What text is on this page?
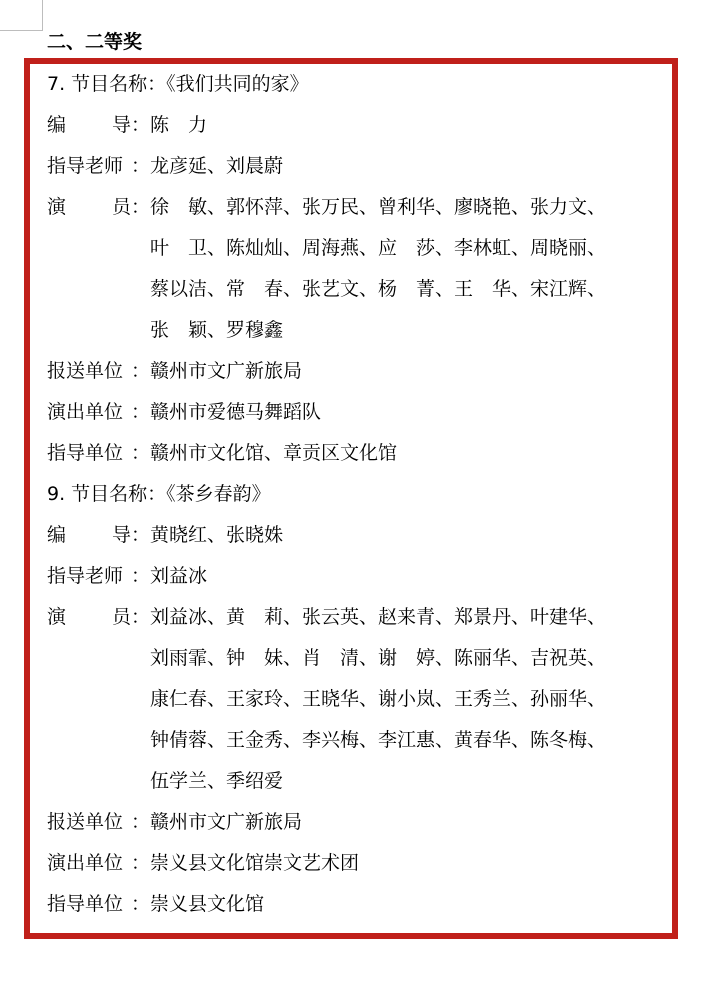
二、二等奖
7. 节目名称：《我们共同的家》
编 导 ： 陈　力
指导老师 ： 龙彦延、刘晨蔚
演 员 ： 徐　敏、郭怀萍、张万民、曾利华、廖晓艳、张力文、
叶　卫、陈灿灿、周海燕、应　莎、李林虹、周晓丽、
蔡以洁、常　春、张艺文、杨　菁、王　华、宋江辉、
张　颖、罗穆鑫
报送单位 ： 赣州市文广新旅局
演出单位 ： 赣州市爱德马舞蹈队
指导单位 ： 赣州市文化馆、章贡区文化馆
9. 节目名称：《茶乡春韵》
编 导 ： 黄晓红、张晓姝
指导老师 ： 刘益冰
演 员 ： 刘益冰、黄　莉、张云英、赵来青、郑景丹、叶建华、
刘雨霏、钟　妹、肖　清、谢　婷、陈丽华、吉祝英、
康仁春、王家玲、王晓华、谢小岚、王秀兰、孙丽华、
钟倩蓉、王金秀、李兴梅、李江惠、黄春华、陈冬梅、
伍学兰、季绍爱
报送单位 ： 赣州市文广新旅局
演出单位 ： 崇义县文化馆崇文艺术团
指导单位 ： 崇义县文化馆
